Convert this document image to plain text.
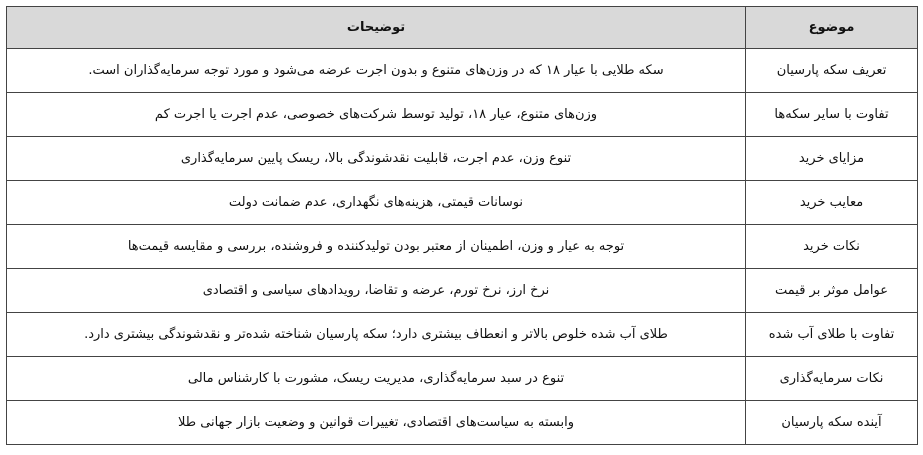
موضوع	توضیحات
تعریف سکه پارسیان	سکه طلایی با عیار ۱۸ که در وزن‌های متنوع و بدون اجرت عرضه می‌شود و مورد توجه سرمایه‌گذاران است.
تفاوت با سایر سکه‌ها	وزن‌های متنوع، عیار ۱۸، تولید توسط شرکت‌های خصوصی، عدم اجرت یا اجرت کم
مزایای خرید	تنوع وزن، عدم اجرت، قابلیت نقدشوندگی بالا، ریسک پایین سرمایه‌گذاری
معایب خرید	نوسانات قیمتی، هزینه‌های نگهداری، عدم ضمانت دولت
نکات خرید	توجه به عیار و وزن، اطمینان از معتبر بودن تولیدکننده و فروشنده، بررسی و مقایسه قیمت‌ها
عوامل موثر بر قیمت	نرخ ارز، نرخ تورم، عرضه و تقاضا، رویدادهای سیاسی و اقتصادی
تفاوت با طلای آب شده	طلای آب شده خلوص بالاتر و انعطاف بیشتری دارد؛ سکه پارسیان شناخته شده‌تر و نقدشوندگی بیشتری دارد.
نکات سرمایه‌گذاری	تنوع در سبد سرمایه‌گذاری، مدیریت ریسک، مشورت با کارشناس مالی
آینده سکه پارسیان	وابسته به سیاست‌های اقتصادی، تغییرات قوانین و وضعیت بازار جهانی طلا
